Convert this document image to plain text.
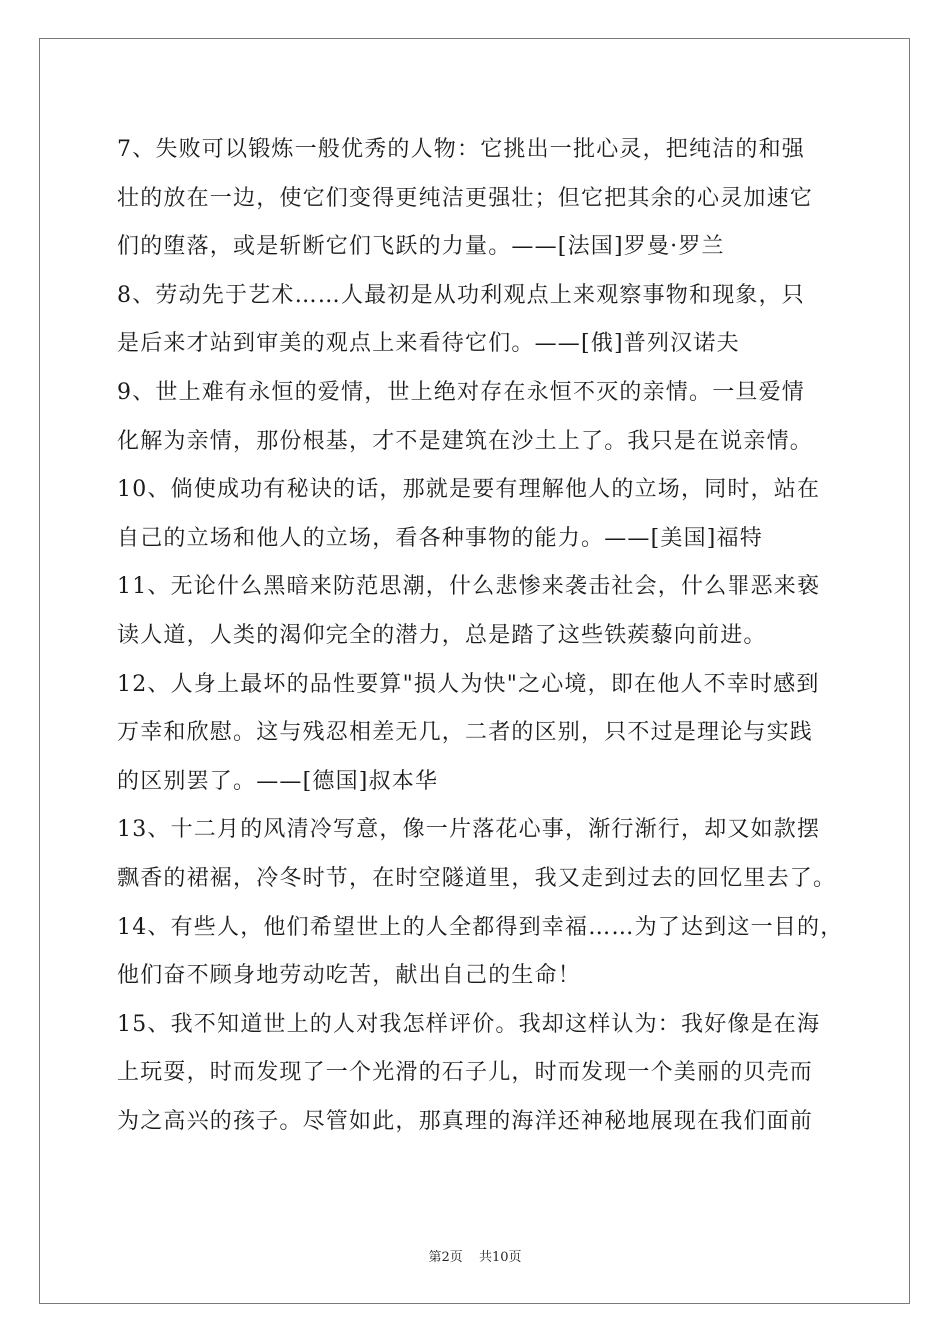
7、失败可以锻炼一般优秀的人物：它挑出一批心灵，把纯洁的和强
壮的放在一边，使它们变得更纯洁更强壮；但它把其余的心灵加速它
们的堕落，或是斩断它们飞跃的力量。——[法国]罗曼·罗兰
8、劳动先于艺术……人最初是从功利观点上来观察事物和现象，只
是后来才站到审美的观点上来看待它们。——[俄]普列汉诺夫
9、世上难有永恒的爱情，世上绝对存在永恒不灭的亲情。一旦爱情
化解为亲情，那份根基，才不是建筑在沙土上了。我只是在说亲情。
10、倘使成功有秘诀的话，那就是要有理解他人的立场，同时，站在
自己的立场和他人的立场，看各种事物的能力。——[美国]福特
11、无论什么黑暗来防范思潮，什么悲惨来袭击社会，什么罪恶来亵
读人道，人类的渴仰完全的潜力，总是踏了这些铁蒺藜向前进。
12、人身上最坏的品性要算"损人为快"之心境，即在他人不幸时感到
万幸和欣慰。这与残忍相差无几，二者的区别，只不过是理论与实践
的区别罢了。——[德国]叔本华
13、十二月的风清冷写意，像一片落花心事，渐行渐行，却又如款摆
飘香的裙裾，冷冬时节，在时空隧道里，我又走到过去的回忆里去了。
14、有些人，他们希望世上的人全都得到幸福……为了达到这一目的，
他们奋不顾身地劳动吃苦，献出自己的生命！
15、我不知道世上的人对我怎样评价。我却这样认为：我好像是在海
上玩耍，时而发现了一个光滑的石子儿，时而发现一个美丽的贝壳而
为之高兴的孩子。尽管如此，那真理的海洋还神秘地展现在我们面前
第2页 共10页
